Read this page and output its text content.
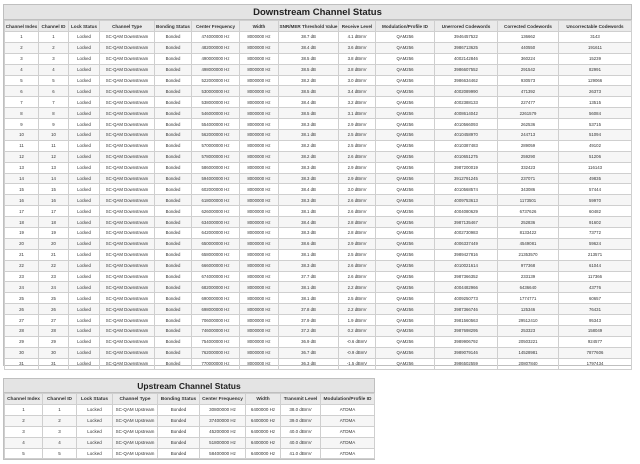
Downstream Channel Status
Channel Index	Channel ID	Lock Status	Channel Type	Bonding Status	Center Frequency	Width	SNR/MER Threshold Value	Receive Level	Modulation/Profile ID	Unerrored Codewords	Corrected Codewords	Uncorrectable Codewords
1	1	Locked	SC-QAM Downstream	Bonded	474000000 Hz	8000000 Hz	38.7 dB	4.1 dBmV	QAM256	3946457522	136662	3143
2	2	Locked	SC-QAM Downstream	Bonded	482000000 Hz	8000000 Hz	38.4 dB	3.6 dBmV	QAM256	3986713625	440550	191611
3	3	Locked	SC-QAM Downstream	Bonded	490000000 Hz	8000000 Hz	38.5 dB	3.8 dBmV	QAM256	4002142846	360224	15239
4	4	Locked	SC-QAM Downstream	Bonded	498000000 Hz	8000000 Hz	38.5 dB	3.8 dBmV	QAM256	3986607552	291542	82991
5	5	Locked	SC-QAM Downstream	Bonded	522000000 Hz	8000000 Hz	38.2 dB	3.0 dBmV	QAM256	3986634462	930573	129066
6	6	Locked	SC-QAM Downstream	Bonded	530000000 Hz	8000000 Hz	38.5 dB	3.4 dBmV	QAM256	4002089990	471392	26373
7	7	Locked	SC-QAM Downstream	Bonded	538000000 Hz	8000000 Hz	38.4 dB	3.2 dBmV	QAM256	4002388133	227477	13515
8	8	Locked	SC-QAM Downstream	Bonded	546000000 Hz	8000000 Hz	38.5 dB	3.1 dBmV	QAM256	4008614042	2261579	56084
9	9	Locked	SC-QAM Downstream	Bonded	554000000 Hz	8000000 Hz	38.3 dB	2.9 dBmV	QAM256	4010566093	262536	53715
10	10	Locked	SC-QAM Downstream	Bonded	562000000 Hz	8000000 Hz	38.1 dB	2.5 dBmV	QAM256	4010458970	244713	51094
11	11	Locked	SC-QAM Downstream	Bonded	570000000 Hz	8000000 Hz	38.2 dB	2.5 dBmV	QAM256	4010387483	289059	49102
12	12	Locked	SC-QAM Downstream	Bonded	578000000 Hz	8000000 Hz	38.2 dB	2.6 dBmV	QAM256	4010651275	259290	51206
13	13	Locked	SC-QAM Downstream	Bonded	586000000 Hz	8000000 Hz	38.3 dB	2.9 dBmV	QAM256	3987200019	332423	116143
14	14	Locked	SC-QAM Downstream	Bonded	594000000 Hz	8000000 Hz	38.3 dB	2.9 dBmV	QAM256	3912791245	237071	49835
15	15	Locked	SC-QAM Downstream	Bonded	602000000 Hz	8000000 Hz	38.4 dB	3.0 dBmV	QAM256	4010568574	343086	57444
16	16	Locked	SC-QAM Downstream	Bonded	618000000 Hz	8000000 Hz	38.3 dB	2.6 dBmV	QAM256	4009753613	1173501	59970
17	17	Locked	SC-QAM Downstream	Bonded	626000000 Hz	8000000 Hz	38.1 dB	2.6 dBmV	QAM256	4004080629	6737626	60482
18	18	Locked	SC-QAM Downstream	Bonded	634000000 Hz	8000000 Hz	38.4 dB	2.8 dBmV	QAM256	3987135467	252836	91602
19	19	Locked	SC-QAM Downstream	Bonded	642000000 Hz	8000000 Hz	38.3 dB	2.8 dBmV	QAM256	4002730983	8133422	73772
20	20	Locked	SC-QAM Downstream	Bonded	650000000 Hz	8000000 Hz	38.6 dB	2.9 dBmV	QAM256	4006337449	4549081	59624
21	21	Locked	SC-QAM Downstream	Bonded	658000000 Hz	8000000 Hz	38.1 dB	2.5 dBmV	QAM256	3989427816	21353570	213571
22	22	Locked	SC-QAM Downstream	Bonded	666000000 Hz	8000000 Hz	38.3 dB	2.6 dBmV	QAM256	4010021614	977368	61044
23	23	Locked	SC-QAM Downstream	Bonded	674000000 Hz	8000000 Hz	37.7 dB	2.6 dBmV	QAM256	3987366352	233139	117366
24	24	Locked	SC-QAM Downstream	Bonded	682000000 Hz	8000000 Hz	38.1 dB	2.2 dBmV	QAM256	4004482966	6436640	43776
25	25	Locked	SC-QAM Downstream	Bonded	690000000 Hz	8000000 Hz	38.1 dB	2.5 dBmV	QAM256	4009250773	1774771	60657
26	26	Locked	SC-QAM Downstream	Bonded	698000000 Hz	8000000 Hz	37.8 dB	2.2 dBmV	QAM256	3987366746	125346	76431
27	27	Locked	SC-QAM Downstream	Bonded	706000000 Hz	8000000 Hz	37.9 dB	1.9 dBmV	QAM256	3981560563	29512410	95343
28	28	Locked	SC-QAM Downstream	Bonded	746000000 Hz	8000000 Hz	37.2 dB	0.2 dBmV	QAM256	3987698295	253323	158049
29	29	Locked	SC-QAM Downstream	Bonded	754000000 Hz	8000000 Hz	36.9 dB	-0.6 dBmV	QAM256	3989906792	20503221	924577
30	30	Locked	SC-QAM Downstream	Bonded	762000000 Hz	8000000 Hz	36.7 dB	-0.9 dBmV	QAM256	3989079146	14528981	7877606
31	31	Locked	SC-QAM Downstream	Bonded	770000000 Hz	8000000 Hz	36.3 dB	-1.5 dBmV	QAM256	3986502559	20807840	1797434
Upstream Channel Status
Channel Index	Channel ID	Lock Status	Channel Type	Bonding Status	Center Frequency	Width	Transmit Level	Modulation/Profile ID
1	1	Locked	SC-QAM Upstream	Bonded	30800000 Hz	6400000 Hz	38.0 dBmV	ATDMA
2	2	Locked	SC-QAM Upstream	Bonded	37400000 Hz	6400000 Hz	39.0 dBmV	ATDMA
3	3	Locked	SC-QAM Upstream	Bonded	45200000 Hz	6400000 Hz	40.0 dBmV	ATDMA
4	4	Locked	SC-QAM Upstream	Bonded	51800000 Hz	6400000 Hz	40.0 dBmV	ATDMA
5	5	Locked	SC-QAM Upstream	Bonded	58400000 Hz	6400000 Hz	41.0 dBmV	ATDMA
